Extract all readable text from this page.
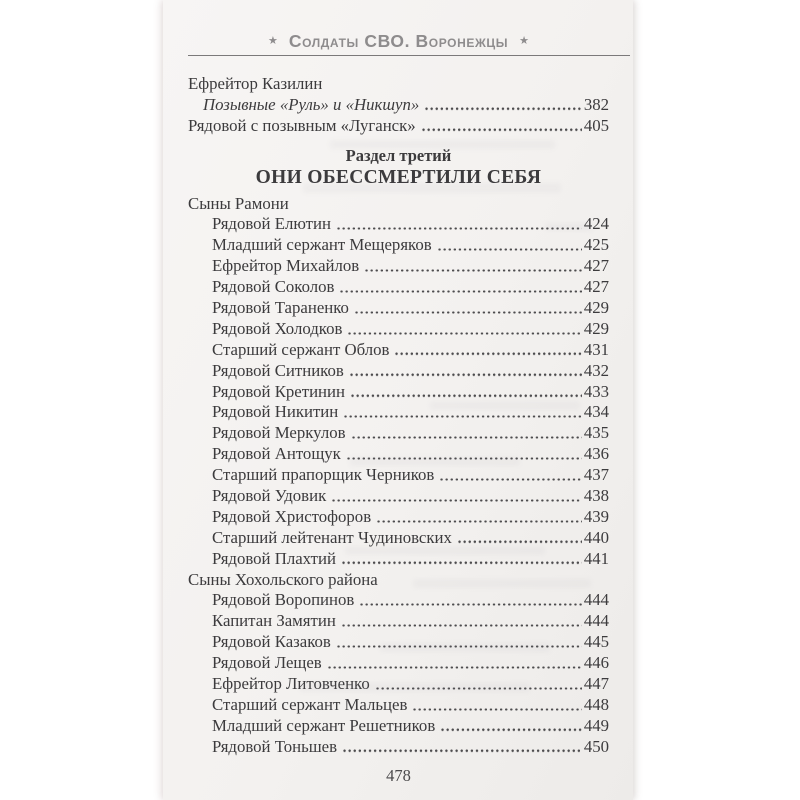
★ Солдаты СВО. Воронежцы ★
Ефрейтор Казилин
Позывные «Руль» и «Никшуп»	382
Рядовой с позывным «Луганск»	405
Раздел третий
ОНИ ОБЕССМЕРТИЛИ СЕБЯ
Сыны Рамони
Рядовой Елютин	424
Младший сержант Мещеряков	425
Ефрейтор Михайлов	427
Рядовой Соколов	427
Рядовой Тараненко	429
Рядовой Холодков	429
Старший сержант Облов	431
Рядовой Ситников	432
Рядовой Кретинин	433
Рядовой Никитин	434
Рядовой Меркулов	435
Рядовой Антощук	436
Старший прапорщик Черников	437
Рядовой Удовик	438
Рядовой Христофоров	439
Старший лейтенант Чудиновских	440
Рядовой Плахтий	441
Сыны Хохольского района
Рядовой Воропинов	444
Капитан Замятин	444
Рядовой Казаков	445
Рядовой Лещев	446
Ефрейтор Литовченко	447
Старший сержант Мальцев	448
Младший сержант Решетников	449
Рядовой Тоньшев	450
478
